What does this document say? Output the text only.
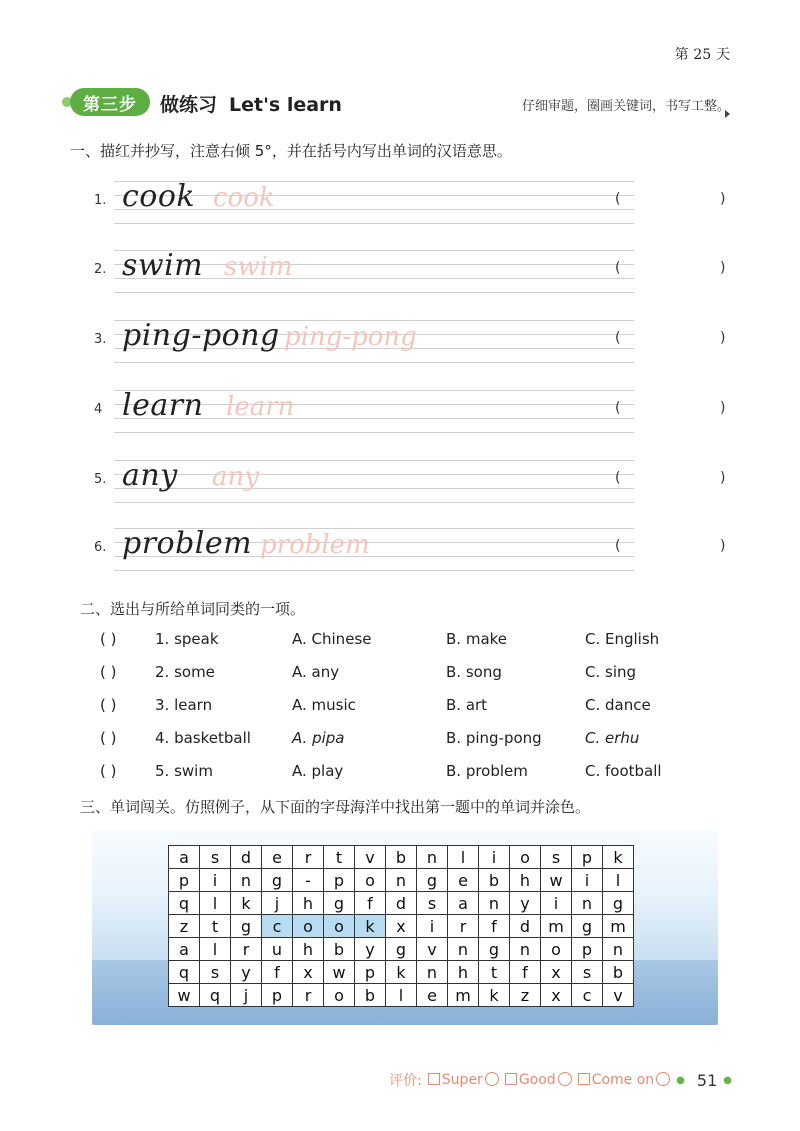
第 25 天
第三步	做练习 Let's learn	仔细审题，圈画关键词，书写工整。
一、描红并抄写，注意右倾 5°，并在括号内写出单词的汉语意思。
1. cook cook	(	)
2. swim swim	(	)
3. ping-pong ping-pong	(	)
4 learn learn	(	)
5. any any	(	)
6. problem problem	(	)
二、选出与所给单词同类的一项。
( )	1. speak	A. Chinese	B. make	C. English
( )	2. some	A. any	B. song	C. sing
( )	3. learn	A. music	B. art	C. dance
( )	4. basketball	A. pipa	B. ping-pong	C. erhu
( )	5. swim	A. play	B. problem	C. football
三、单词闯关。仿照例子，从下面的字母海洋中找出第一题中的单词并涂色。
a	s	d	e	r	t	v	b	n	l	i	o	s	p	k
p	i	n	g	-	p	o	n	g	e	b	h	w	i	l
q	l	k	j	h	g	f	d	s	a	n	y	i	n	g
z	t	g	c	o	o	k	x	i	r	f	d	m	g	m
a	l	r	u	h	b	y	g	v	n	g	n	o	p	n
q	s	y	f	x	w	p	k	n	h	t	f	x	s	b
w	q	j	p	r	o	b	l	e	m	k	z	x	c	v
评价:	Super	Good	Come on	● 51 ●
